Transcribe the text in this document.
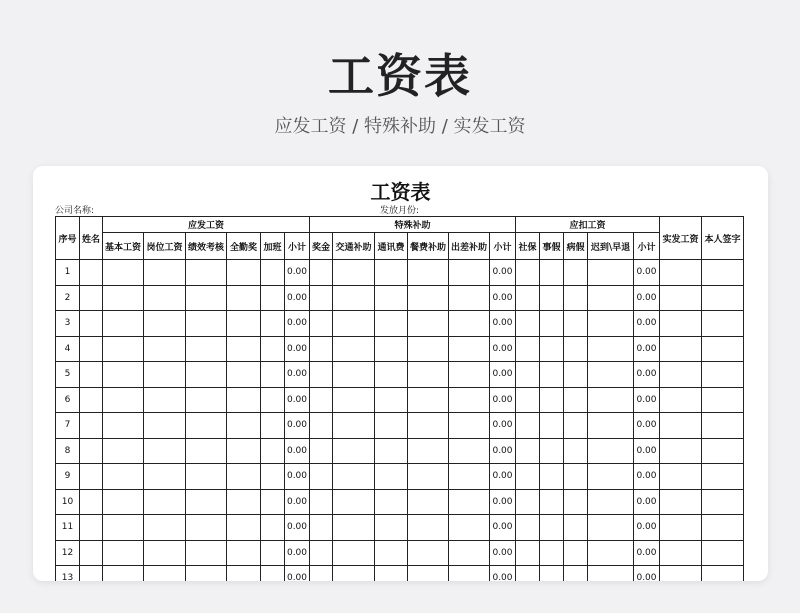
工资表
应发工资 / 特殊补助 / 实发工资
工资表
公司名称:	发放月份:
序号	姓名	应发工资						特殊补助						应扣工资					实发工资	本人签字
		基本工资	岗位工资	绩效考核	全勤奖	加班	小计	奖金	交通补助	通讯费	餐费补助	出差补助	小计	社保	事假	病假	迟到\早退	小计		
1							0.00						0.00					0.00		
2							0.00						0.00					0.00		
3							0.00						0.00					0.00		
4							0.00						0.00					0.00		
5							0.00						0.00					0.00		
6							0.00						0.00					0.00		
7							0.00						0.00					0.00		
8							0.00						0.00					0.00		
9							0.00						0.00					0.00		
10							0.00						0.00					0.00		
11							0.00						0.00					0.00		
12							0.00						0.00					0.00		
13							0.00						0.00					0.00		
